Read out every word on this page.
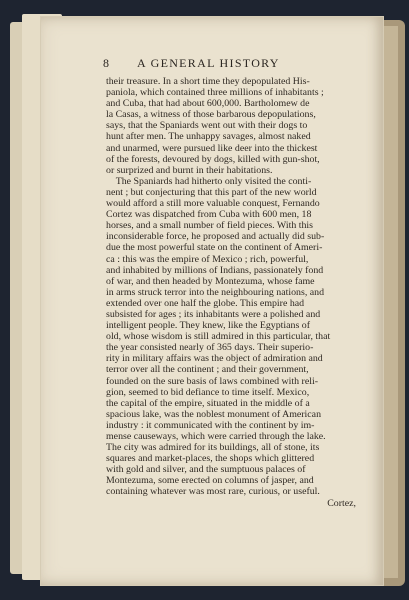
8 A GENERAL HISTORY
their treasure. In a short time they depopulated His-
paniola, which contained three millions of inhabitants ;
and Cuba, that had about 600,000. Bartholomew de
la Casas, a witness of those barbarous depopulations,
says, that the Spaniards went out with their dogs to
hunt after men. The unhappy savages, almost naked
and unarmed, were pursued like deer into the thickest
of the forests, devoured by dogs, killed with gun-shot,
or surprized and burnt in their habitations.
The Spaniards had hitherto only visited the conti-
nent ; but conjecturing that this part of the new world
would afford a still more valuable conquest, Fernando
Cortez was dispatched from Cuba with 600 men, 18
horses, and a small number of field pieces. With this
inconsiderable force, he proposed and actually did sub-
due the most powerful state on the continent of Ameri-
ca : this was the empire of Mexico ; rich, powerful,
and inhabited by millions of Indians, passionately fond
of war, and then headed by Montezuma, whose fame
in arms struck terror into the neighbouring nations, and
extended over one half the globe. This empire had
subsisted for ages ; its inhabitants were a polished and
intelligent people. They knew, like the Egyptians of
old, whose wisdom is still admired in this particular, that
the year consisted nearly of 365 days. Their superio-
rity in military affairs was the object of admiration and
terror over all the continent ; and their government,
founded on the sure basis of laws combined with reli-
gion, seemed to bid defiance to time itself. Mexico,
the capital of the empire, situated in the middle of a
spacious lake, was the noblest monument of American
industry : it communicated with the continent by im-
mense causeways, which were carried through the lake.
The city was admired for its buildings, all of stone, its
squares and market-places, the shops which glittered
with gold and silver, and the sumptuous palaces of
Montezuma, some erected on columns of jasper, and
containing whatever was most rare, curious, or useful.
Cortez,
